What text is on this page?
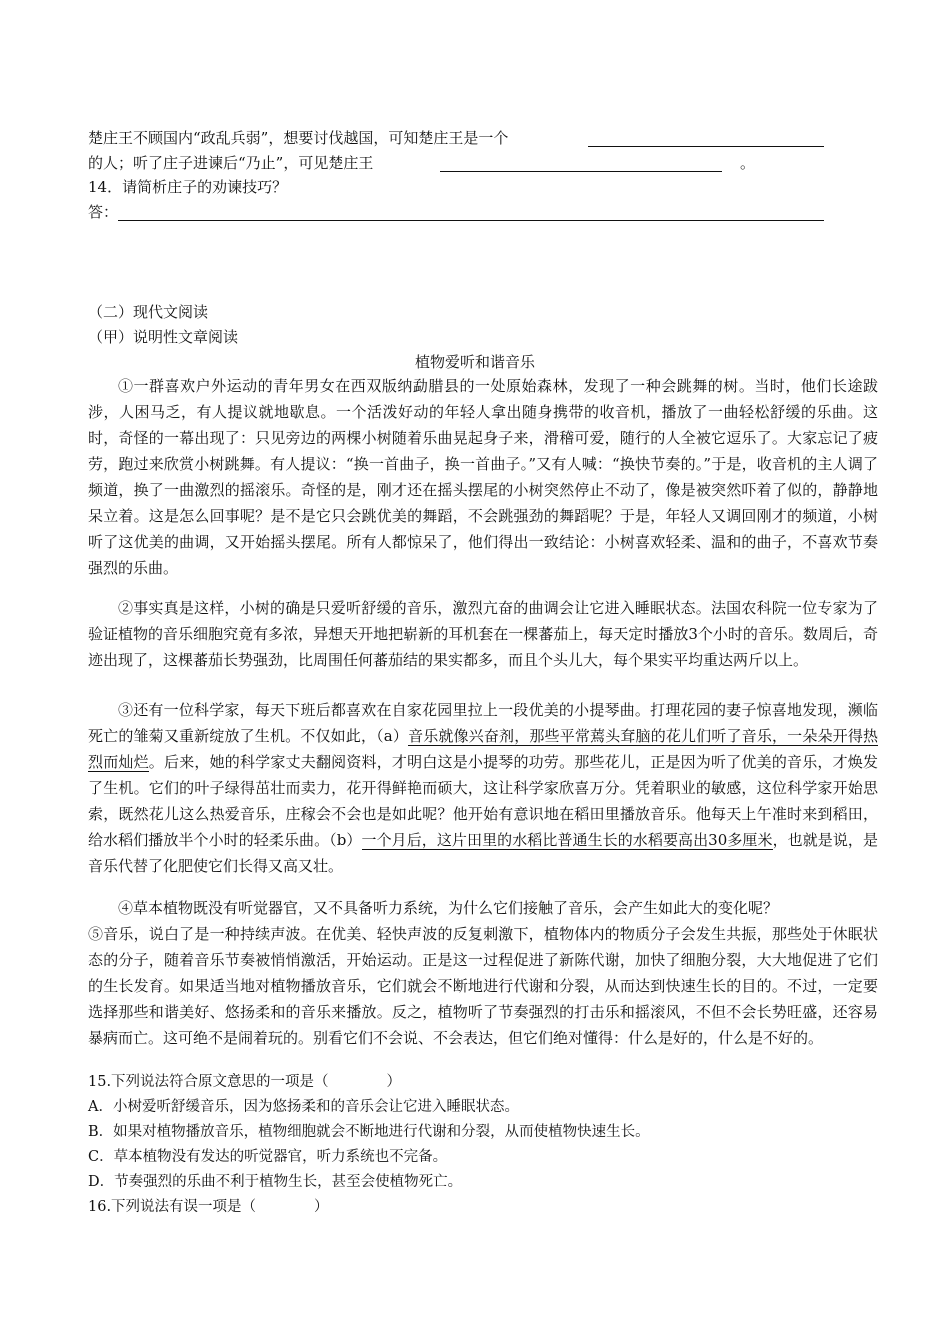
楚庄王不顾国内“政乱兵弱”，想要讨伐越国，可知楚庄王是一个
的人；听了庄子进谏后“乃止”，可见楚庄王	。
14．请简析庄子的劝谏技巧？
答：
（二）现代文阅读
（甲）说明性文章阅读
植物爱听和谐音乐
①一群喜欢户外运动的青年男女在西双版纳勐腊县的一处原始森林，发现了一种会跳舞的树。当时，他们长途跋涉，人困马乏，有人提议就地歇息。一个活泼好动的年轻人拿出随身携带的收音机，播放了一曲轻松舒缓的乐曲。这时，奇怪的一幕出现了：只见旁边的两棵小树随着乐曲晃起身子来，滑稽可爱，随行的人全被它逗乐了。大家忘记了疲劳，跑过来欣赏小树跳舞。有人提议：“换一首曲子，换一首曲子。”又有人喊：“换快节奏的。”于是，收音机的主人调了频道，换了一曲激烈的摇滚乐。奇怪的是，刚才还在摇头摆尾的小树突然停止不动了，像是被突然吓着了似的，静静地呆立着。这是怎么回事呢？是不是它只会跳优美的舞蹈，不会跳强劲的舞蹈呢？于是，年轻人又调回刚才的频道，小树听了这优美的曲调，又开始摇头摆尾。所有人都惊呆了，他们得出一致结论：小树喜欢轻柔、温和的曲子，不喜欢节奏强烈的乐曲。
②事实真是这样，小树的确是只爱听舒缓的音乐，激烈亢奋的曲调会让它进入睡眠状态。法国农科院一位专家为了验证植物的音乐细胞究竟有多浓，异想天开地把崭新的耳机套在一棵蕃茄上，每天定时播放3个小时的音乐。数周后，奇迹出现了，这棵蕃茄长势强劲，比周围任何蕃茄结的果实都多，而且个头儿大，每个果实平均重达两斤以上。
③还有一位科学家，每天下班后都喜欢在自家花园里拉上一段优美的小提琴曲。打理花园的妻子惊喜地发现，濒临死亡的雏菊又重新绽放了生机。不仅如此，（a）音乐就像兴奋剂，那些平常蔫头耷脑的花儿们听了音乐，一朵朵开得热烈而灿烂。后来，她的科学家丈夫翻阅资料，才明白这是小提琴的功劳。那些花儿，正是因为听了优美的音乐，才焕发了生机。它们的叶子绿得茁壮而卖力，花开得鲜艳而硕大，这让科学家欣喜万分。凭着职业的敏感，这位科学家开始思索，既然花儿这么热爱音乐，庄稼会不会也是如此呢？他开始有意识地在稻田里播放音乐。他每天上午准时来到稻田，给水稻们播放半个小时的轻柔乐曲。（b）一个月后，这片田里的水稻比普通生长的水稻要高出30多厘米，也就是说，是音乐代替了化肥使它们长得又高又壮。
④草本植物既没有听觉器官，又不具备听力系统，为什么它们接触了音乐，会产生如此大的变化呢？
⑤音乐，说白了是一种持续声波。在优美、轻快声波的反复刺激下，植物体内的物质分子会发生共振，那些处于休眠状态的分子，随着音乐节奏被悄悄激活，开始运动。正是这一过程促进了新陈代谢，加快了细胞分裂，大大地促进了它们的生长发育。如果适当地对植物播放音乐，它们就会不断地进行代谢和分裂，从而达到快速生长的目的。不过，一定要选择那些和谐美好、悠扬柔和的音乐来播放。反之，植物听了节奏强烈的打击乐和摇滚风，不但不会长势旺盛，还容易暴病而亡。这可绝不是闹着玩的。别看它们不会说、不会表达，但它们绝对懂得：什么是好的，什么是不好的。
15.下列说法符合原文意思的一项是（　　　　）
A．小树爱听舒缓音乐，因为悠扬柔和的音乐会让它进入睡眠状态。
B．如果对植物播放音乐，植物细胞就会不断地进行代谢和分裂，从而使植物快速生长。
C．草本植物没有发达的听觉器官，听力系统也不完备。
D．节奏强烈的乐曲不利于植物生长，甚至会使植物死亡。
16.下列说法有误一项是（　　　　）
